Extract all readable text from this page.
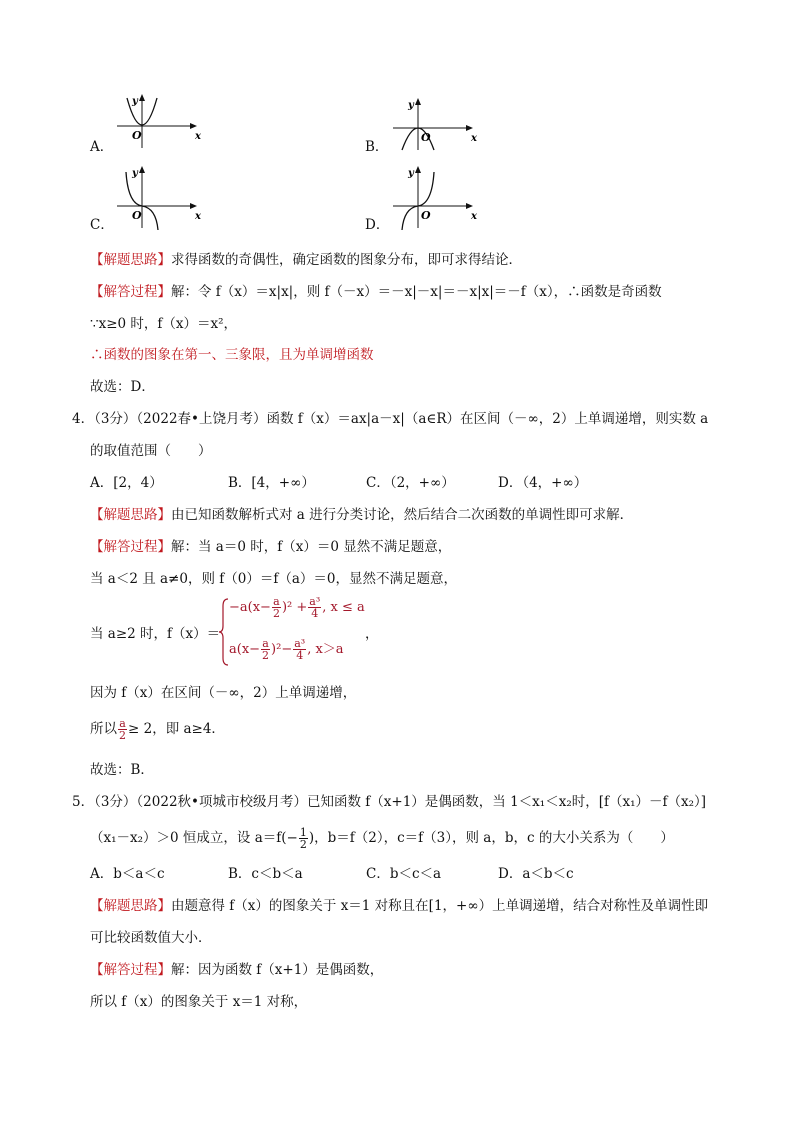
A．
y
O	x
B．
y
O	x
C．
y
O	x
D．
y
O	x
【解题思路】求得函数的奇偶性，确定函数的图象分布，即可求得结论．
【解答过程】解：令 f（x）＝x|x|，则 f（－x）＝－x|－x|＝－x|x|＝－f（x），∴函数是奇函数
∵x≥0 时，f（x）＝x²，
∴函数的图象在第一、三象限，且为单调增函数
故选：D．
4．（3分）（2022春•上饶月考）函数 f（x）＝ax|a－x|（a∈R）在区间（－∞，2）上单调递增，则实数 a
的取值范围（　　）
A．[2，4）	B．[4，+∞）	C．（2，+∞）	D．（4，+∞）
【解题思路】由已知函数解析式对 a 进行分类讨论，然后结合二次函数的单调性即可求解．
【解答过程】解：当 a＝0 时，f（x）＝0 显然不满足题意，
当 a＜2 且 a≠0，则 f（0）＝f（a）＝0，显然不满足题意，
当 a≥2 时，f（x）＝
$-a(x- \frac{a}{2} )^2 + \frac{\text{a³}}{4}$ , x ≤ a
$a(x- \frac{a}{2} )^2- \frac{\text{a³}}{4}$ , x＞a
，
因为 f（x）在区间（－∞，2）上单调递增，
所以 $\frac{a}{2} \ge 2$，即 a≥4．
故选：B．
5．（3分）（2022秋•项城市校级月考）已知函数 f（x+1）是偶函数，当 1＜x₁＜x₂时，[f（x₁）－f（x₂）]
（x₁－x₂）＞0 恒成立，设 $a=f(- \frac{1}{2}$ )，b＝f（2），c＝f（3），则 a，b，c 的大小关系为（　　）
A．b＜a＜c	B．c＜b＜a	C．b＜c＜a	D．a＜b＜c
【解题思路】由题意得 f（x）的图象关于 x＝1 对称且在[1，+∞）上单调递增，结合对称性及单调性即
可比较函数值大小．
【解答过程】解：因为函数 f（x+1）是偶函数，
所以 f（x）的图象关于 x＝1 对称，
